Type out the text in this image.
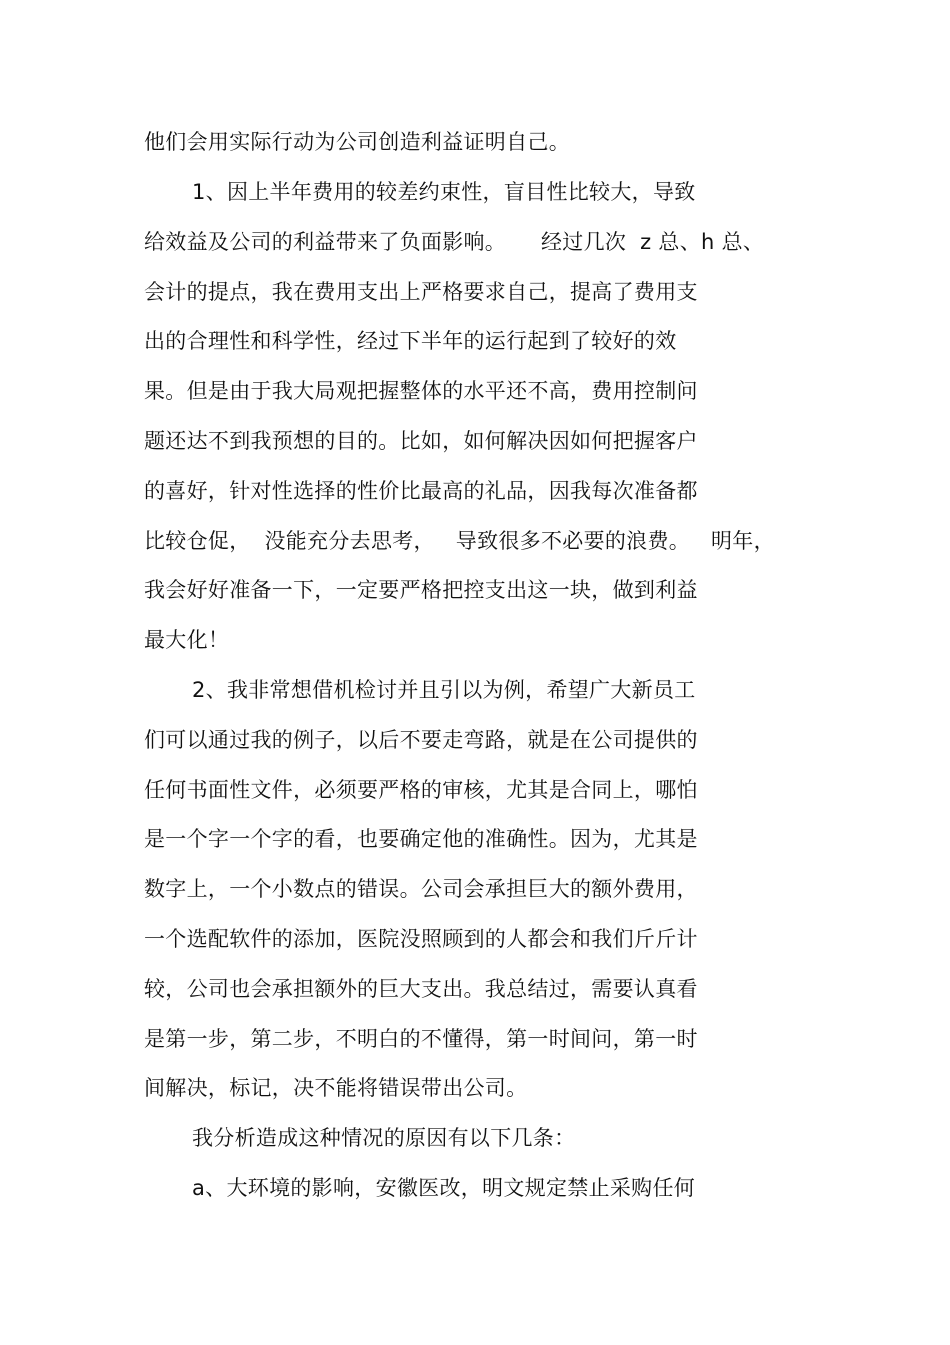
他们会用实际行动为公司创造利益证明自己。
1、因上半年费用的较差约束性，盲目性比较大，导致
给效益及公司的利益带来了负面影响。     经过几次  z 总、h 总、
会计的提点，我在费用支出上严格要求自己，提高了费用支
出的合理性和科学性，经过下半年的运行起到了较好的效
果。但是由于我大局观把握整体的水平还不高，费用控制问
题还达不到我预想的目的。比如，如何解决因如何把握客户
的喜好，针对性选择的性价比最高的礼品，因我每次准备都
比较仓促，  没能充分去思考，   导致很多不必要的浪费。   明年，
我会好好准备一下，一定要严格把控支出这一块，做到利益
最大化！
2、我非常想借机检讨并且引以为例，希望广大新员工
们可以通过我的例子，以后不要走弯路，就是在公司提供的
任何书面性文件，必须要严格的审核，尤其是合同上，哪怕
是一个字一个字的看，也要确定他的准确性。因为，尤其是
数字上，一个小数点的错误。公司会承担巨大的额外费用，
一个选配软件的添加，医院没照顾到的人都会和我们斤斤计
较，公司也会承担额外的巨大支出。我总结过，需要认真看
是第一步，第二步，不明白的不懂得，第一时间问，第一时
间解决，标记，决不能将错误带出公司。
我分析造成这种情况的原因有以下几条：
a、大环境的影响，安徽医改，明文规定禁止采购任何
